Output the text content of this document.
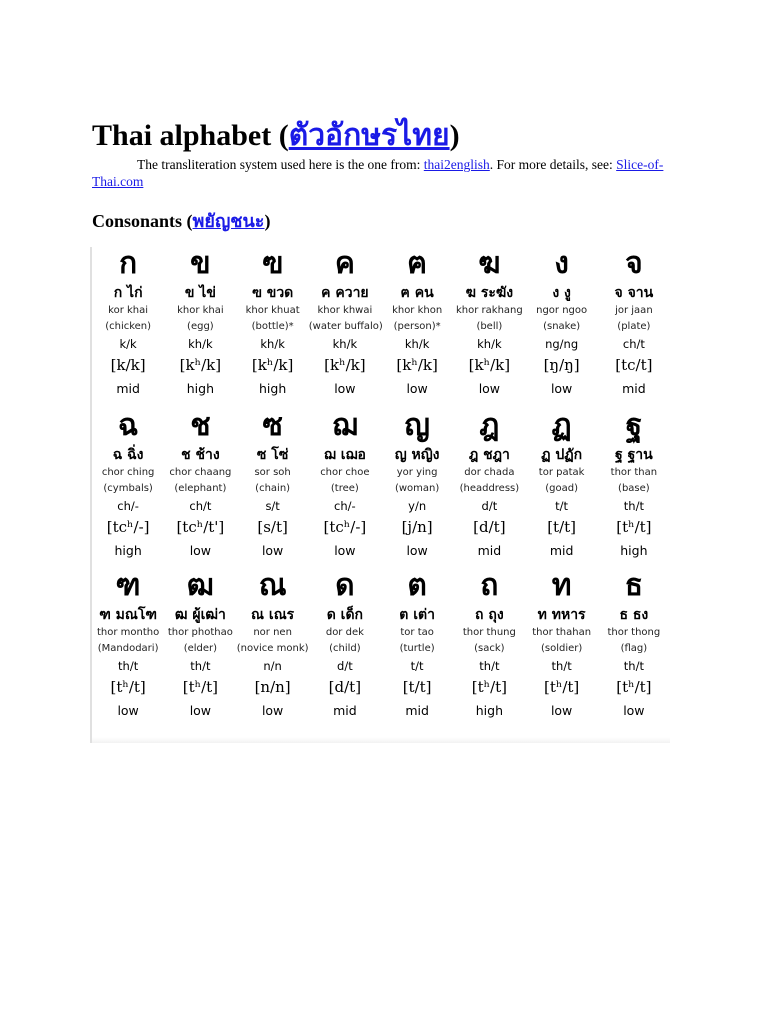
Thai alphabet (ตัวอักษรไทย)

The transliteration system used here is the one from: thai2english. For more details, see: Slice-of-Thai.com

Consonants (พยัญชนะ)
ก
ก ไก่
kor khai
(chicken)
k/k
[k/k]
mid
ข
ข ไข่
khor khai
(egg)
kh/k
[kʰ/k]
high
ฃ
ฃ ขวด
khor khuat
(bottle)*
kh/k
[kʰ/k]
high
ค
ค ควาย
khor khwai
(water buffalo)
kh/k
[kʰ/k]
low
ฅ
ฅ คน
khor khon
(person)*
kh/k
[kʰ/k]
low
ฆ
ฆ ระฆัง
khor rakhang
(bell)
kh/k
[kʰ/k]
low
ง
ง งู
ngor ngoo
(snake)
ng/ng
[ŋ/ŋ]
low
จ
จ จาน
jor jaan
(plate)
ch/t
[tc/t]
mid
ฉ
ฉ ฉิ่ง
chor ching
(cymbals)
ch/-
[tcʰ/-]
high
ช
ช ช้าง
chor chaang
(elephant)
ch/t
[tcʰ/t']
low
ซ
ซ โซ่
sor soh
(chain)
s/t
[s/t]
low
ฌ
ฌ เฌอ
chor choe
(tree)
ch/-
[tcʰ/-]
low
ญ
ญ หญิง
yor ying
(woman)
y/n
[j/n]
low
ฎ
ฎ ชฎา
dor chada
(headdress)
d/t
[d/t]
mid
ฏ
ฏ ปฏัก
tor patak
(goad)
t/t
[t/t]
mid
ฐ
ฐ ฐาน
thor than
(base)
th/t
[tʰ/t]
high
ฑ
ฑ มณโฑ
thor montho
(Mandodari)
th/t
[tʰ/t]
low
ฒ
ฒ ผู้เฒ่า
thor phothao
(elder)
th/t
[tʰ/t]
low
ณ
ณ เณร
nor nen
(novice monk)
n/n
[n/n]
low
ด
ด เด็ก
dor dek
(child)
d/t
[d/t]
mid
ต
ต เต่า
tor tao
(turtle)
t/t
[t/t]
mid
ถ
ถ ถุง
thor thung
(sack)
th/t
[tʰ/t]
high
ท
ท ทหาร
thor thahan
(soldier)
th/t
[tʰ/t]
low
ธ
ธ ธง
thor thong
(flag)
th/t
[tʰ/t]
low
